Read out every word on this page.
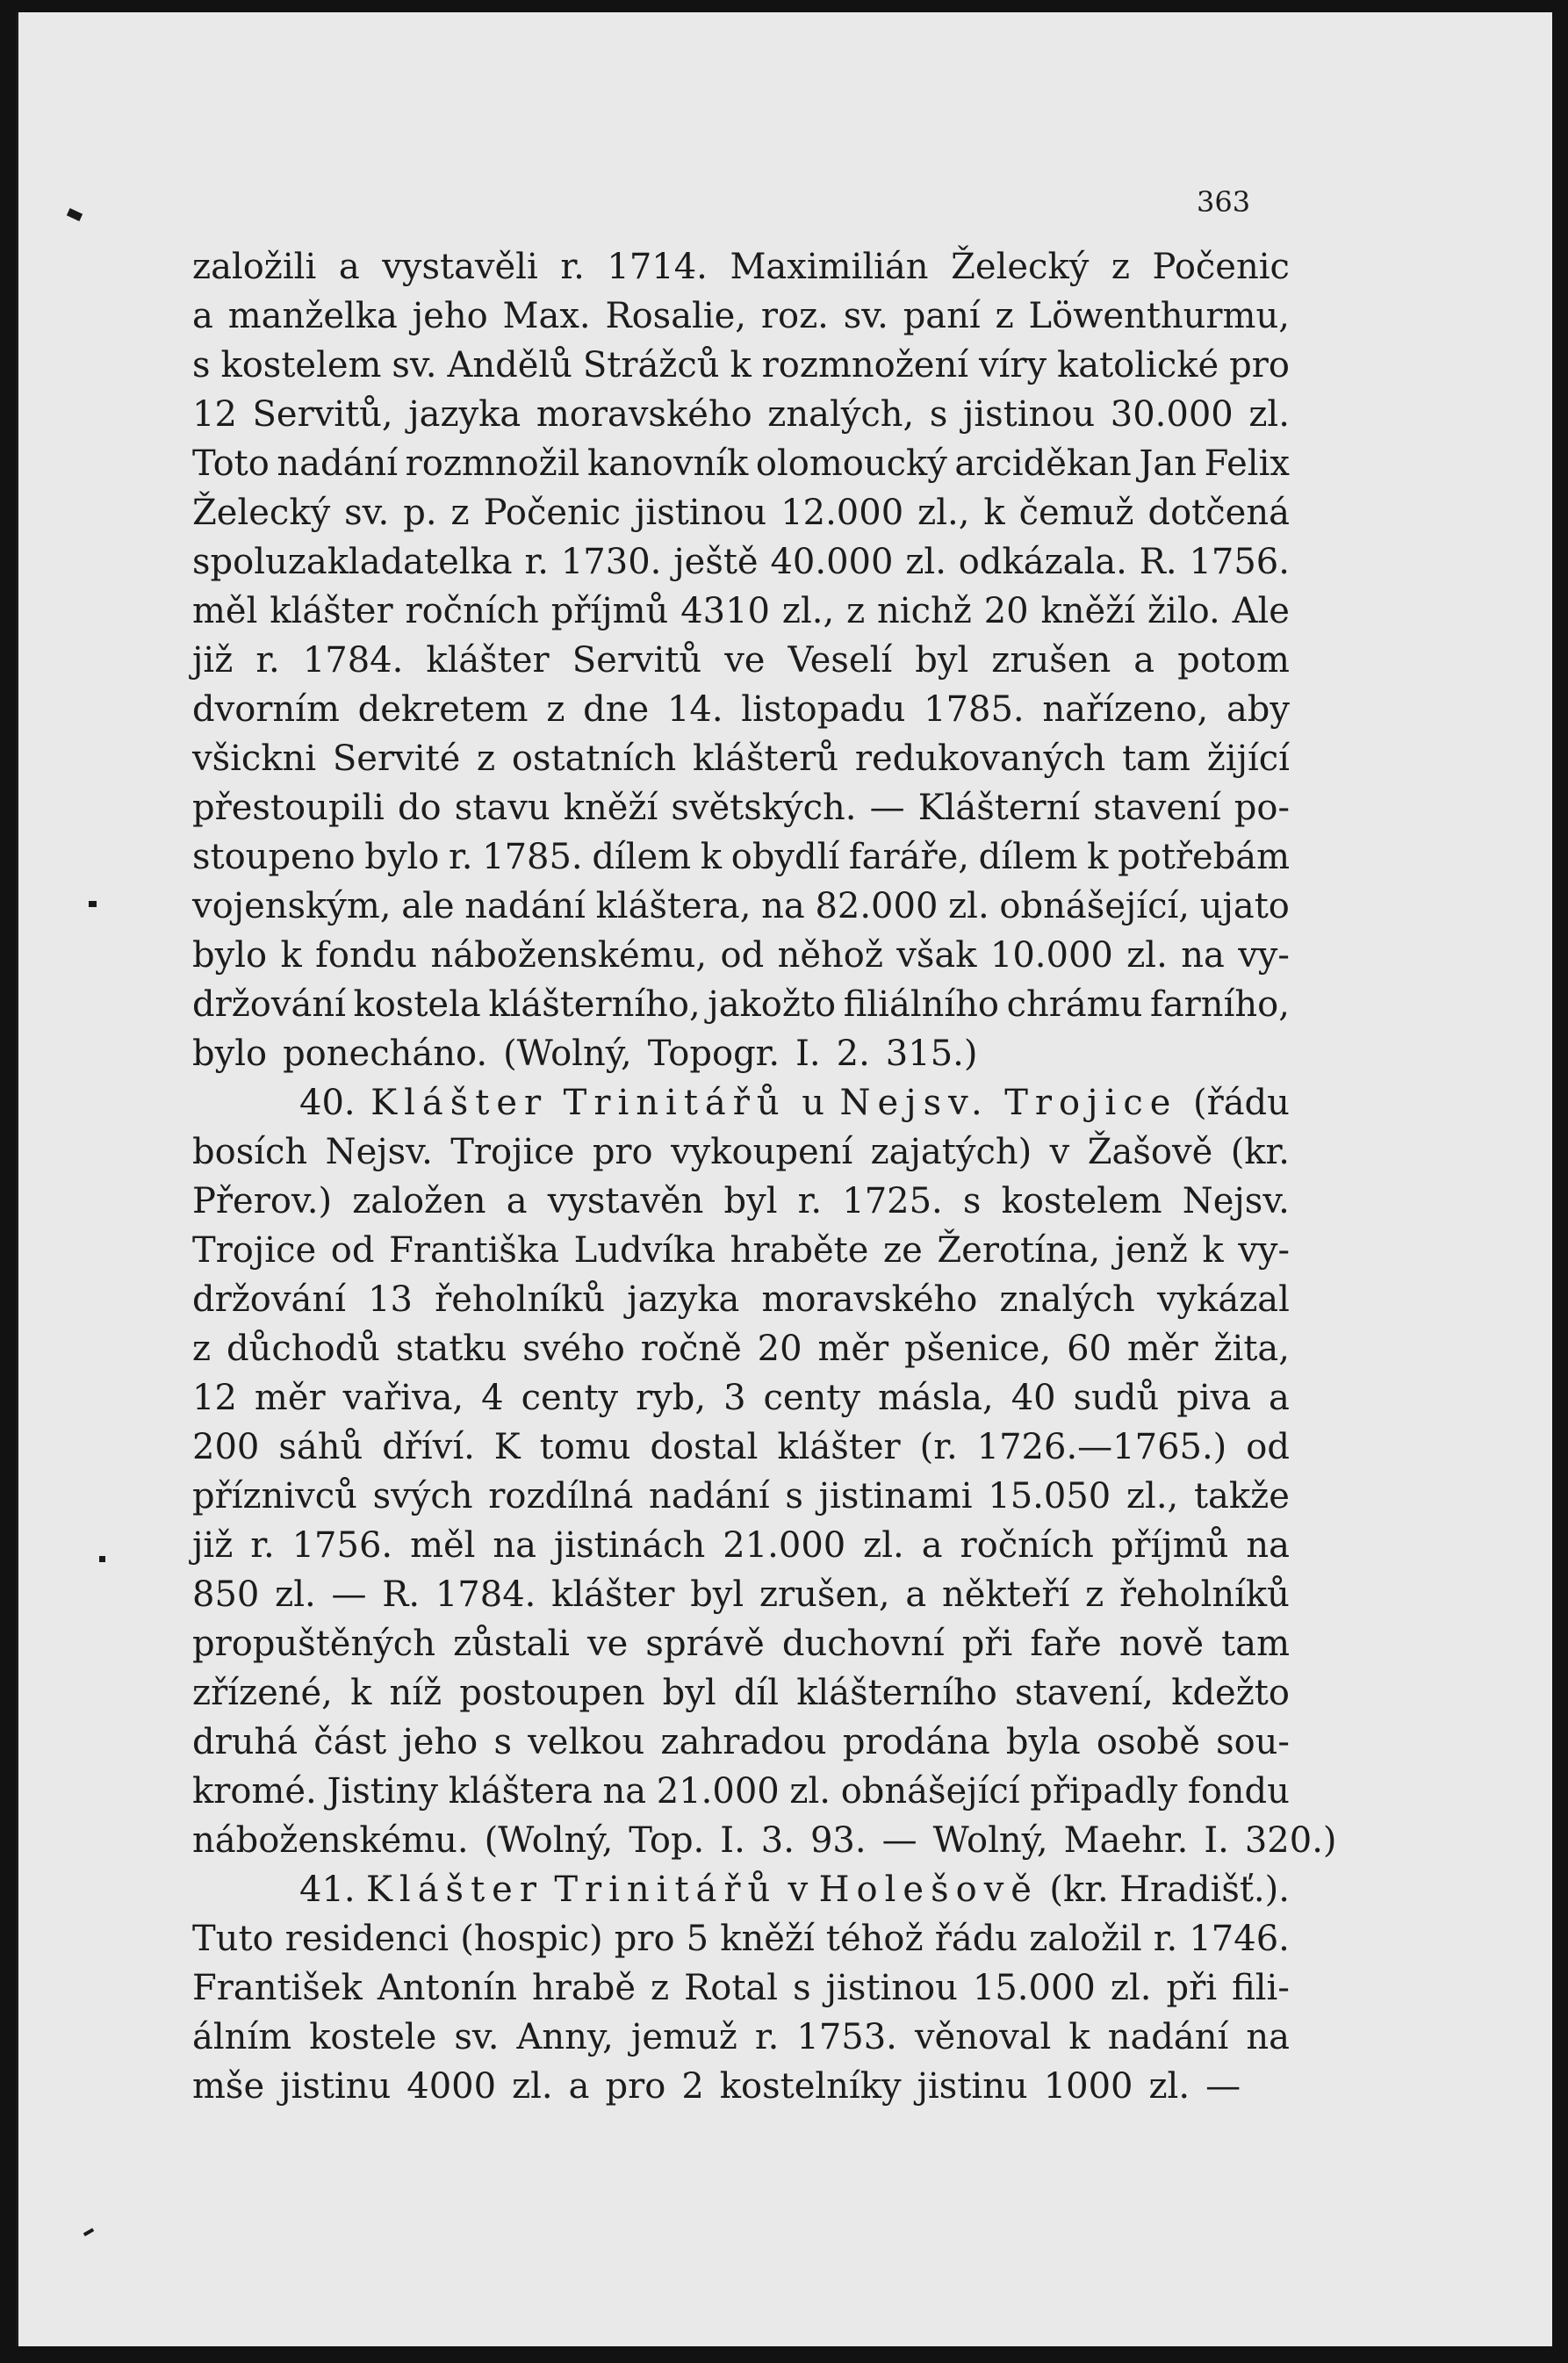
363
založili a vystavěli r. 1714. Maximilián Želecký z Počenic
a manželka jeho Max. Rosalie, roz. sv. paní z Löwenthurmu,
s kostelem sv. Andělů Strážců k rozmnožení víry katolické pro
12 Servitů, jazyka moravského znalých, s jistinou 30.000 zl.
Toto nadání rozmnožil kanovník olomoucký arciděkan Jan Felix
Želecký sv. p. z Počenic jistinou 12.000 zl., k čemuž dotčená
spoluzakladatelka r. 1730. ještě 40.000 zl. odkázala. R. 1756.
měl klášter ročních příjmů 4310 zl., z nichž 20 kněží žilo. Ale
již r. 1784. klášter Servitů ve Veselí byl zrušen a potom
dvorním dekretem z dne 14. listopadu 1785. nařízeno, aby
všickni Servité z ostatních klášterů redukovaných tam žijící
přestoupili do stavu kněží světských. — Klášterní stavení po-
stoupeno bylo r. 1785. dílem k obydlí faráře, dílem k potřebám
vojenským, ale nadání kláštera, na 82.000 zl. obnášející, ujato
bylo k fondu náboženskému, od něhož však 10.000 zl. na vy-
držování kostela klášterního, jakožto filiálního chrámu farního,
bylo ponecháno. (Wolný, Topogr. I. 2. 315.)
40. Klášter Trinitářů u Nejsv. Trojice (řádu
bosích Nejsv. Trojice pro vykoupení zajatých) v Žašově (kr.
Přerov.) založen a vystavěn byl r. 1725. s kostelem Nejsv.
Trojice od Františka Ludvíka hraběte ze Žerotína, jenž k vy-
držování 13 řeholníků jazyka moravského znalých vykázal
z důchodů statku svého ročně 20 měr pšenice, 60 měr žita,
12 měr vařiva, 4 centy ryb, 3 centy másla, 40 sudů piva a
200 sáhů dříví. K tomu dostal klášter (r. 1726.—1765.) od
příznivců svých rozdílná nadání s jistinami 15.050 zl., takže
již r. 1756. měl na jistinách 21.000 zl. a ročních příjmů na
850 zl. — R. 1784. klášter byl zrušen, a někteří z řeholníků
propuštěných zůstali ve správě duchovní při faře nově tam
zřízené, k níž postoupen byl díl klášterního stavení, kdežto
druhá část jeho s velkou zahradou prodána byla osobě sou-
kromé. Jistiny kláštera na 21.000 zl. obnášející připadly fondu
náboženskému. (Wolný, Top. I. 3. 93. — Wolný, Maehr. I. 320.)
41. Klášter Trinitářů v Holešově (kr. Hradišť.).
Tuto residenci (hospic) pro 5 kněží téhož řádu založil r. 1746.
František Antonín hrabě z Rotal s jistinou 15.000 zl. při fili-
álním kostele sv. Anny, jemuž r. 1753. věnoval k nadání na
mše jistinu 4000 zl. a pro 2 kostelníky jistinu 1000 zl. —
